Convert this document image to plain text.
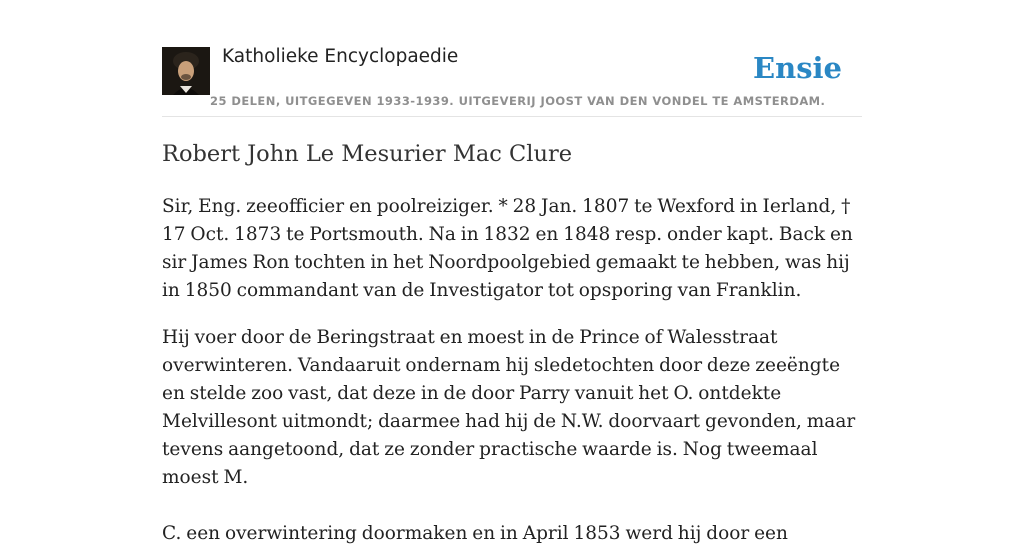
Katholieke Encyclopaedie
25 DELEN, UITGEGEVEN 1933-1939. UITGEVERIJ JOOST VAN DEN VONDEL TE AMSTERDAM.
Ensie
Robert John Le Mesurier Mac Clure

Sir, Eng. zeeofficier en poolreiziger. * 28 Jan. 1807 te Wexford in Ierland, † 17 Oct. 1873 te Portsmouth. Na in 1832 en 1848 resp. onder kapt. Back en sir James Ron tochten in het Noordpoolgebied gemaakt te hebben, was hij in 1850 commandant van de Investigator tot opsporing van Franklin.

Hij voer door de Beringstraat en moest in de Prince of Walesstraat overwinteren. Vandaaruit ondernam hij sledetochten door deze zeeëngte en stelde zoo vast, dat deze in de door Parry vanuit het O. ontdekte Melvillesont uitmondt; daarmee had hij de N.W. doorvaart gevonden, maar tevens aangetoond, dat ze zonder practische waarde is. Nog tweemaal moest M.

C. een overwintering doormaken en in April 1853 werd hij door een
